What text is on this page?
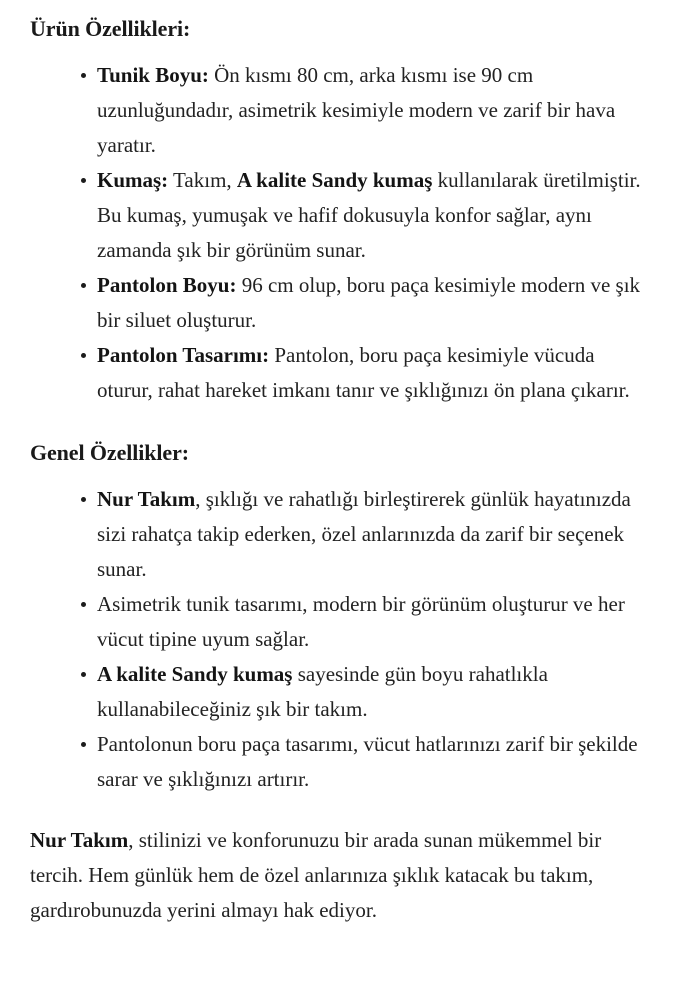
Ürün Özellikleri:
Tunik Boyu: Ön kısmı 80 cm, arka kısmı ise 90 cm uzunluğundadır, asimetrik kesimiyle modern ve zarif bir hava yaratır.
Kumaş: Takım, A kalite Sandy kumaş kullanılarak üretilmiştir. Bu kumaş, yumuşak ve hafif dokusuyla konfor sağlar, aynı zamanda şık bir görünüm sunar.
Pantolon Boyu: 96 cm olup, boru paça kesimiyle modern ve şık bir siluet oluşturur.
Pantolon Tasarımı: Pantolon, boru paça kesimiyle vücuda oturur, rahat hareket imkanı tanır ve şıklığınızı ön plana çıkarır.
Genel Özellikler:
Nur Takım, şıklığı ve rahatlığı birleştirerek günlük hayatınızda sizi rahatça takip ederken, özel anlarınızda da zarif bir seçenek sunar.
Asimetrik tunik tasarımı, modern bir görünüm oluşturur ve her vücut tipine uyum sağlar.
A kalite Sandy kumaş sayesinde gün boyu rahatlıkla kullanabileceğiniz şık bir takım.
Pantolonun boru paça tasarımı, vücut hatlarınızı zarif bir şekilde sarar ve şıklığınızı artırır.

Nur Takım, stilinizi ve konforunuzu bir arada sunan mükemmel bir tercih. Hem günlük hem de özel anlarınıza şıklık katacak bu takım, gardırobunuzda yerini almayı hak ediyor.
